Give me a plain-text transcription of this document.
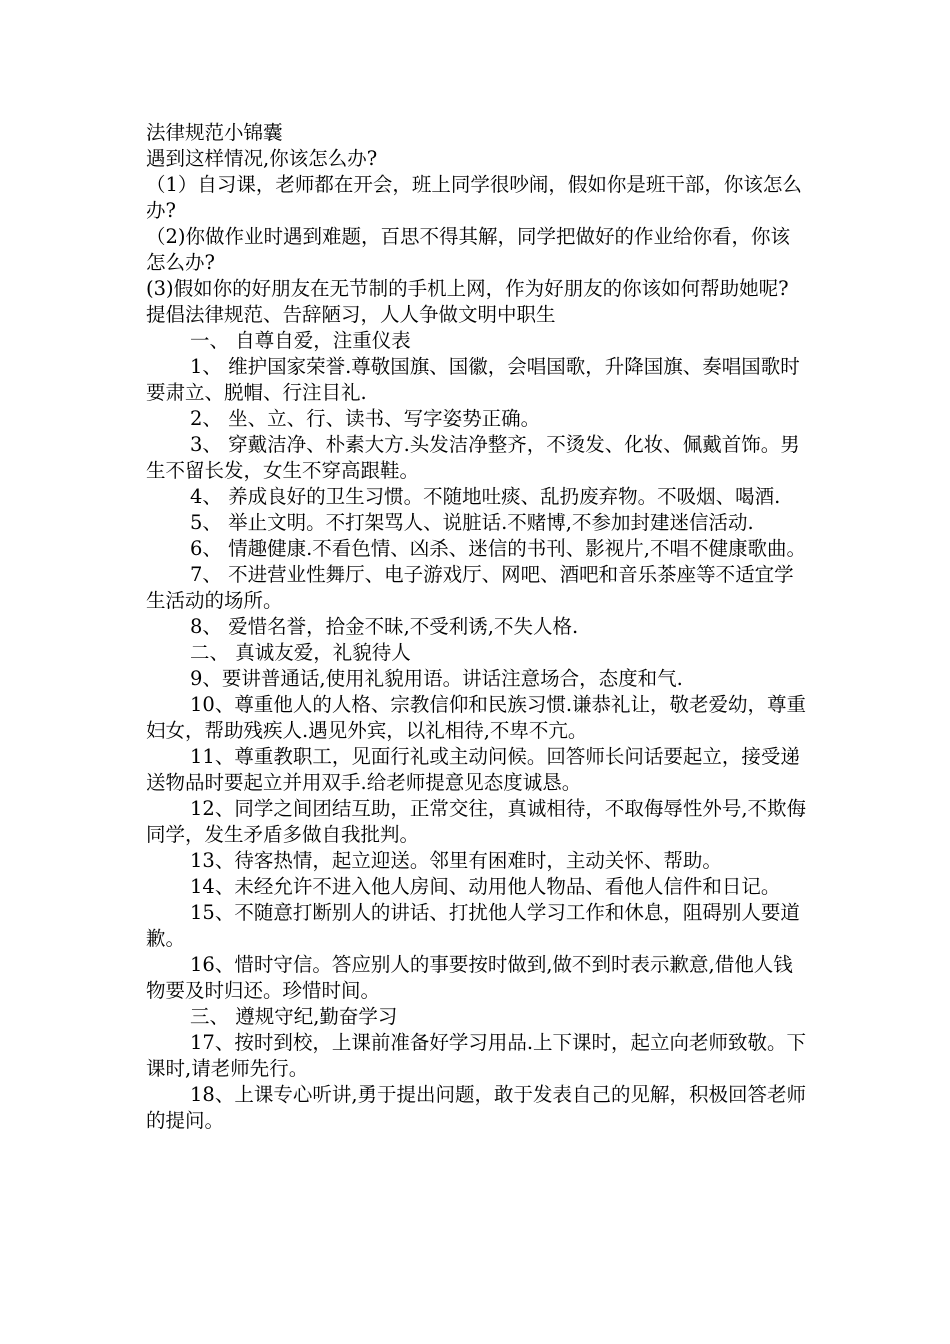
法律规范小锦囊

遇到这样情况,你该怎么办?

（1）自习课，老师都在开会，班上同学很吵闹，假如你是班干部，你该怎么办?

（2)你做作业时遇到难题，百思不得其解，同学把做好的作业给你看，你该怎么办?

(3)假如你的好朋友在无节制的手机上网，作为好朋友的你该如何帮助她呢?

提倡法律规范、告辞陋习，人人争做文明中职生

一、 自尊自爱，注重仪表

1、 维护国家荣誉.尊敬国旗、国徽，会唱国歌，升降国旗、奏唱国歌时要肃立、脱帽、行注目礼.

2、 坐、立、行、读书、写字姿势正确。

3、 穿戴洁净、朴素大方.头发洁净整齐，不烫发、化妆、佩戴首饰。男生不留长发，女生不穿高跟鞋。

4、 养成良好的卫生习惯。不随地吐痰、乱扔废弃物。不吸烟、喝酒.

5、 举止文明。不打架骂人、说脏话.不赌博,不参加封建迷信活动.

6、 情趣健康.不看色情、凶杀、迷信的书刊、影视片,不唱不健康歌曲。

7、 不进营业性舞厅、电子游戏厅、网吧、酒吧和音乐茶座等不适宜学生活动的场所。

8、 爱惜名誉，拾金不昧,不受利诱,不失人格.

二、 真诚友爱，礼貌待人

9、要讲普通话,使用礼貌用语。讲话注意场合，态度和气.

10、尊重他人的人格、宗教信仰和民族习惯.谦恭礼让，敬老爱幼，尊重妇女，帮助残疾人.遇见外宾，以礼相待,不卑不亢。

11、尊重教职工，见面行礼或主动问候。回答师长问话要起立，接受递送物品时要起立并用双手.给老师提意见态度诚恳。

12、同学之间团结互助，正常交往，真诚相待，不取侮辱性外号,不欺侮同学，发生矛盾多做自我批判。

13、待客热情，起立迎送。邻里有困难时，主动关怀、帮助。

14、未经允许不进入他人房间、动用他人物品、看他人信件和日记。

15、不随意打断别人的讲话、打扰他人学习工作和休息，阻碍别人要道歉。

16、惜时守信。答应别人的事要按时做到,做不到时表示歉意,借他人钱物要及时归还。珍惜时间。

三、 遵规守纪,勤奋学习

17、按时到校，上课前准备好学习用品.上下课时，起立向老师致敬。下课时,请老师先行。

18、上课专心听讲,勇于提出问题，敢于发表自己的见解，积极回答老师的提问。
